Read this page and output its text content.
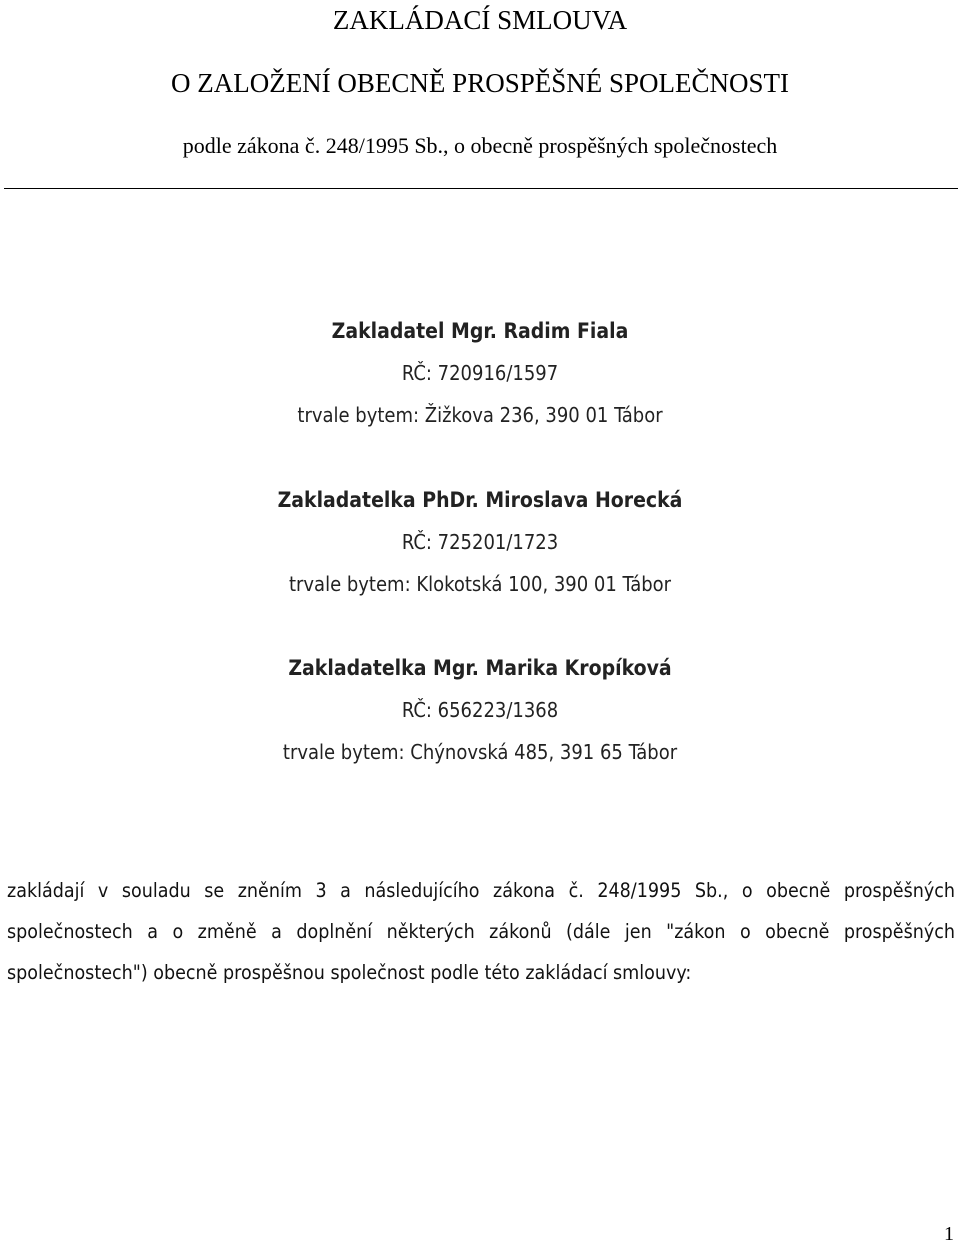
ZAKLÁDACÍ SMLOUVA
O ZALOŽENÍ OBECNĚ PROSPĚŠNÉ SPOLEČNOSTI
podle zákona č. 248/1995 Sb., o obecně prospěšných společnostech
Zakladatel Mgr. Radim Fiala
RČ: 720916/1597
trvale bytem: Žižkova 236, 390 01 Tábor
Zakladatelka PhDr. Miroslava Horecká
RČ: 725201/1723
trvale bytem: Klokotská 100, 390 01 Tábor
Zakladatelka Mgr. Marika Kropíková
RČ: 656223/1368
trvale bytem: Chýnovská 485, 391 65 Tábor
zakládají v souladu se zněním 3 a následujícího zákona č. 248/1995 Sb., o obecně prospěšných
společnostech a o změně a doplnění některých zákonů (dále jen "zákon o obecně prospěšných
společnostech") obecně prospěšnou společnost podle této zakládací smlouvy:
1
